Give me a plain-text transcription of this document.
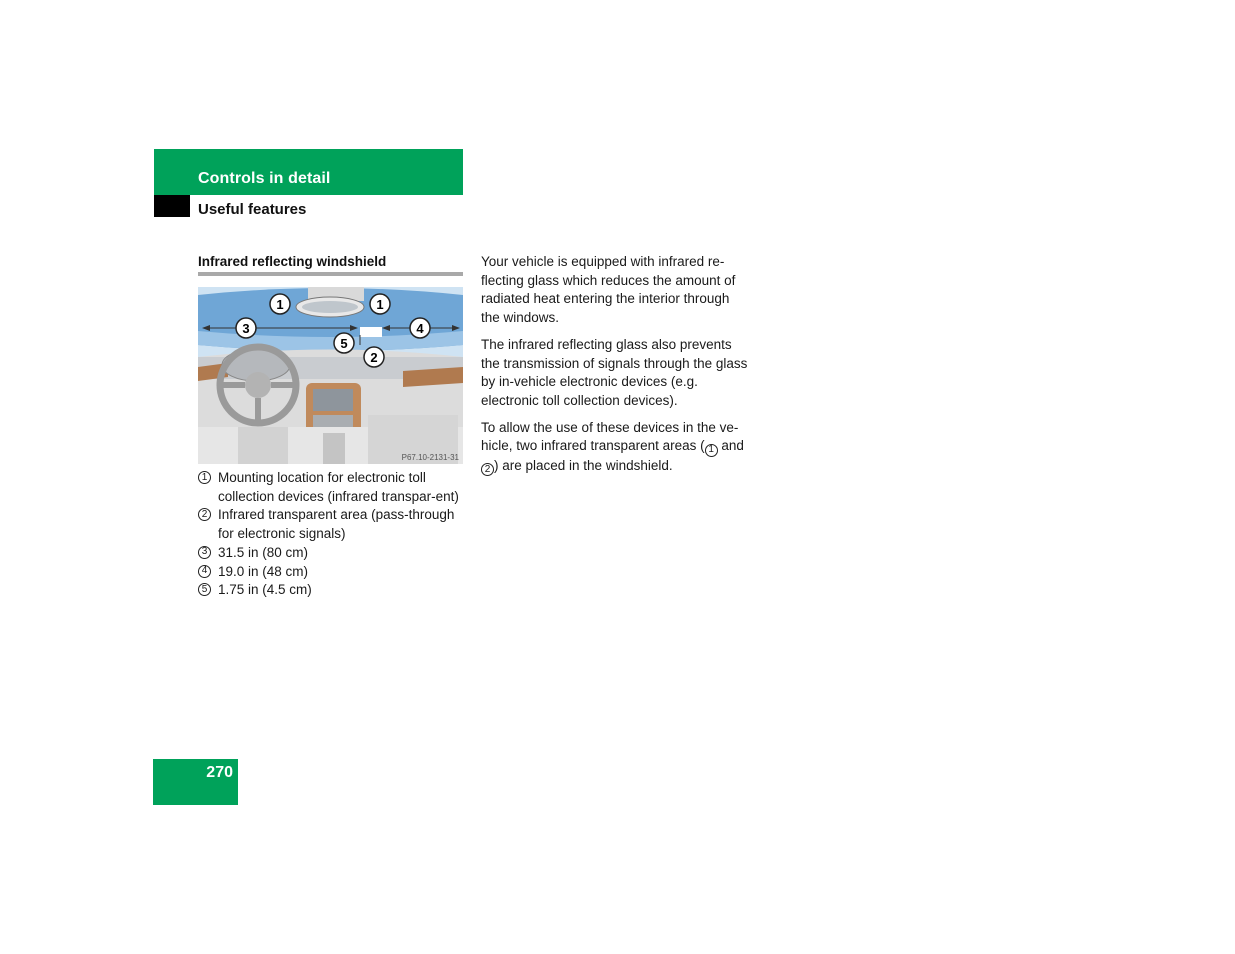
Controls in detail
Useful features
Infrared reflecting windshield
1	1
3	4
5
2
P67.10-2131-31
1 Mounting location for electronic toll collection devices (infrared transpar-ent)
2 Infrared transparent area (pass-through for electronic signals)
3 31.5 in (80 cm)
4 19.0 in (48 cm)
5 1.75 in (4.5 cm)

Your vehicle is equipped with infrared re-flecting glass which reduces the amount of radiated heat entering the interior through the windows.

The infrared reflecting glass also prevents the transmission of signals through the glass by in-vehicle electronic devices (e.g. electronic toll collection devices).

To allow the use of these devices in the ve-hicle, two infrared transparent areas ( 1 and 2 ) are placed in the windshield.

270
